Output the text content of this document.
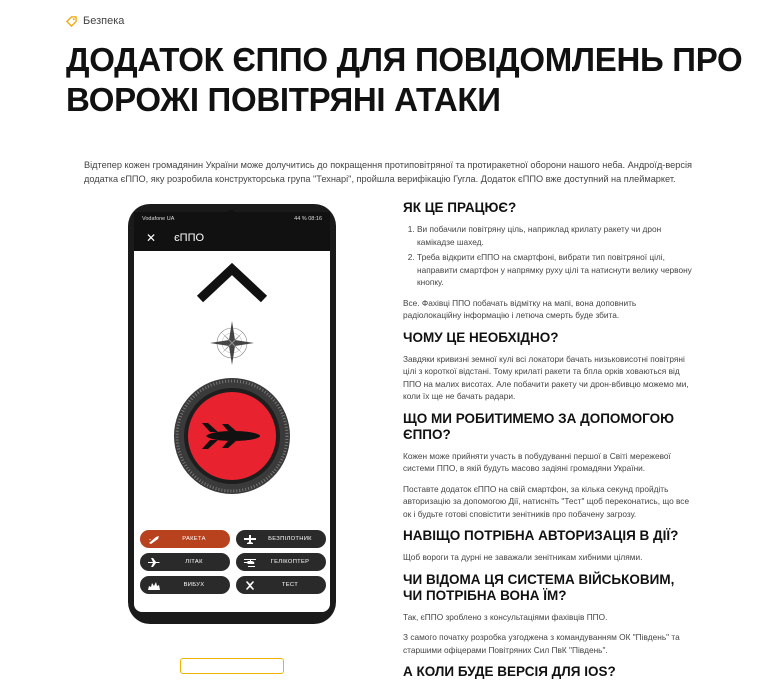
Безпека
ДОДАТОК ЄППО ДЛЯ ПОВІДОМЛЕНЬ ПРО ВОРОЖІ ПОВІТРЯНІ АТАКИ

Відтепер кожен громадянин України може долучитись до покращення протиповітряної та протиракетної оборони нашого неба. Андроїд-версія додатка єППО, яку розробила конструкторська група "Технарі", пройшла верифікацію Гугла. Додаток єППО вже доступний на плеймаркет.

Vodafone UA	44 % 08:16
✕ єППО
РАКЕТА	БЕЗПІЛОТНИК
ЛІТАК	ГЕЛІКОПТЕР
ВИБУХ	ТЕСТ
ЯК ЦЕ ПРАЦЮЄ?
1. Ви побачили повітряну ціль, наприклад крилату ракету чи дрон камікадзе шахед.
2. Треба відкрити єППО на смартфоні, вибрати тип повітряної цілі, направити смартфон у напрямку руху цілі та натиснути велику червону кнопку.

Все. Фахівці ППО побачать відмітку на мапі, вона доповнить радіолокаційну інформацію і летюча смерть буде збита.

ЧОМУ ЦЕ НЕОБХІДНО?

Завдяки кривизні земної кулі всі локатори бачать низьковисотні повітряні цілі з короткої відстані. Тому крилаті ракети та бпла орків ховаються від ППО на малих висотах. Але побачити ракету чи дрон-вбивцю можемо ми, коли їх ще не бачать радари.

ЩО МИ РОБИТИМЕМО ЗА ДОПОМОГОЮ ЄППО?

Кожен може прийняти участь в побудуванні першої в Світі мережевої системи ППО, в якій будуть масово задіяні громадяни України.

Поставте додаток єППО на свій смартфон, за кілька секунд пройдіть авторизацію за допомогою Дії, натисніть "Тест" щоб переконатись, що все ок і будьте готові сповістити зенітників про побачену загрозу.

НАВІЩО ПОТРІБНА АВТОРИЗАЦІЯ В ДІЇ?

Щоб вороги та дурні не заважали зенітникам хибними цілями.

ЧИ ВІДОМА ЦЯ СИСТЕМА ВІЙСЬКОВИМ, ЧИ ПОТРІБНА ВОНА ЇМ?

Так, єППО зроблено з консультаціями фахівців ППО.

З самого початку розробка узгоджена з командуванням ОК "Південь" та старшими офіцерами Повітряних Сил ПвК "Південь".

А КОЛИ БУДЕ ВЕРСІЯ ДЛЯ IOS?
